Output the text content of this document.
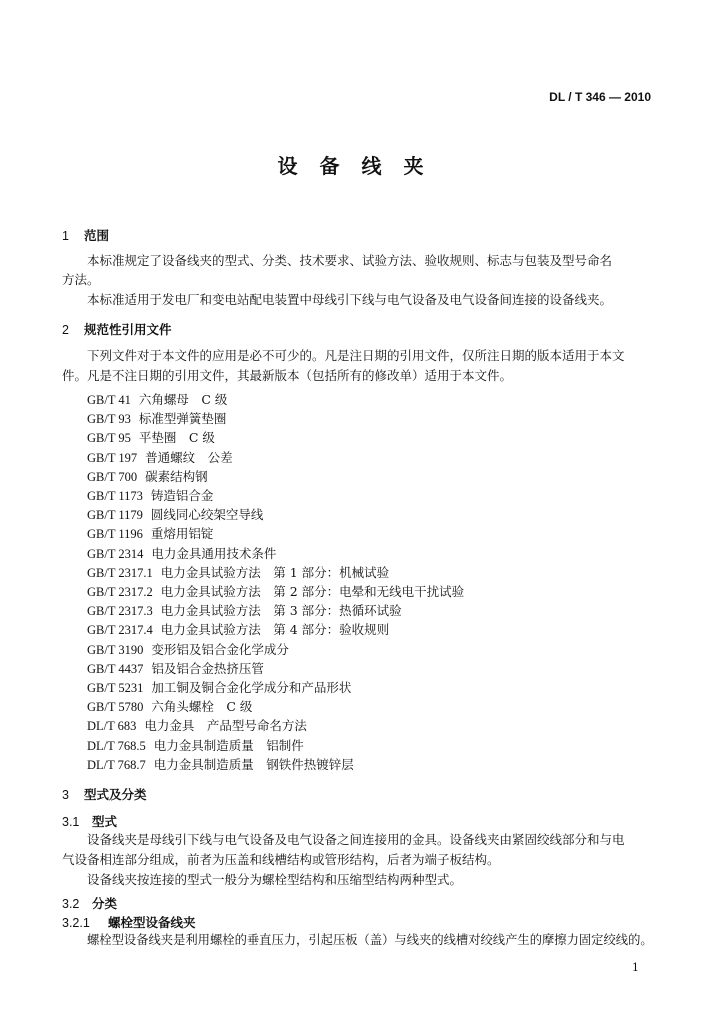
DL / T 346 — 2010
设备线夹
1 范围
本标准规定了设备线夹的型式、分类、技术要求、试验方法、验收规则、标志与包装及型号命名
方法。
本标准适用于发电厂和变电站配电装置中母线引下线与电气设备及电气设备间连接的设备线夹。
2 规范性引用文件
下列文件对于本文件的应用是必不可少的。凡是注日期的引用文件，仅所注日期的版本适用于本文
件。凡是不注日期的引用文件，其最新版本（包括所有的修改单）适用于本文件。
GB/T 41 六角螺母　C 级
GB/T 93 标准型弹簧垫圈
GB/T 95 平垫圈　C 级
GB/T 197 普通螺纹　公差
GB/T 700 碳素结构钢
GB/T 1173 铸造铝合金
GB/T 1179 圆线同心绞架空导线
GB/T 1196 重熔用铝锭
GB/T 2314 电力金具通用技术条件
GB/T 2317.1 电力金具试验方法　第 1 部分：机械试验
GB/T 2317.2 电力金具试验方法　第 2 部分：电晕和无线电干扰试验
GB/T 2317.3 电力金具试验方法　第 3 部分：热循环试验
GB/T 2317.4 电力金具试验方法　第 4 部分：验收规则
GB/T 3190 变形铝及铝合金化学成分
GB/T 4437 铝及铝合金热挤压管
GB/T 5231 加工铜及铜合金化学成分和产品形状
GB/T 5780 六角头螺栓　C 级
DL/T 683 电力金具　产品型号命名方法
DL/T 768.5 电力金具制造质量　铝制件
DL/T 768.7 电力金具制造质量　钢铁件热镀锌层
3 型式及分类
3.1 型式
设备线夹是母线引下线与电气设备及电气设备之间连接用的金具。设备线夹由紧固绞线部分和与电
气设备相连部分组成，前者为压盖和线槽结构或管形结构，后者为端子板结构。
设备线夹按连接的型式一般分为螺栓型结构和压缩型结构两种型式。
3.2 分类
3.2.1 螺栓型设备线夹
螺栓型设备线夹是利用螺栓的垂直压力，引起压板（盖）与线夹的线槽对绞线产生的摩擦力固定绞线的。
1
